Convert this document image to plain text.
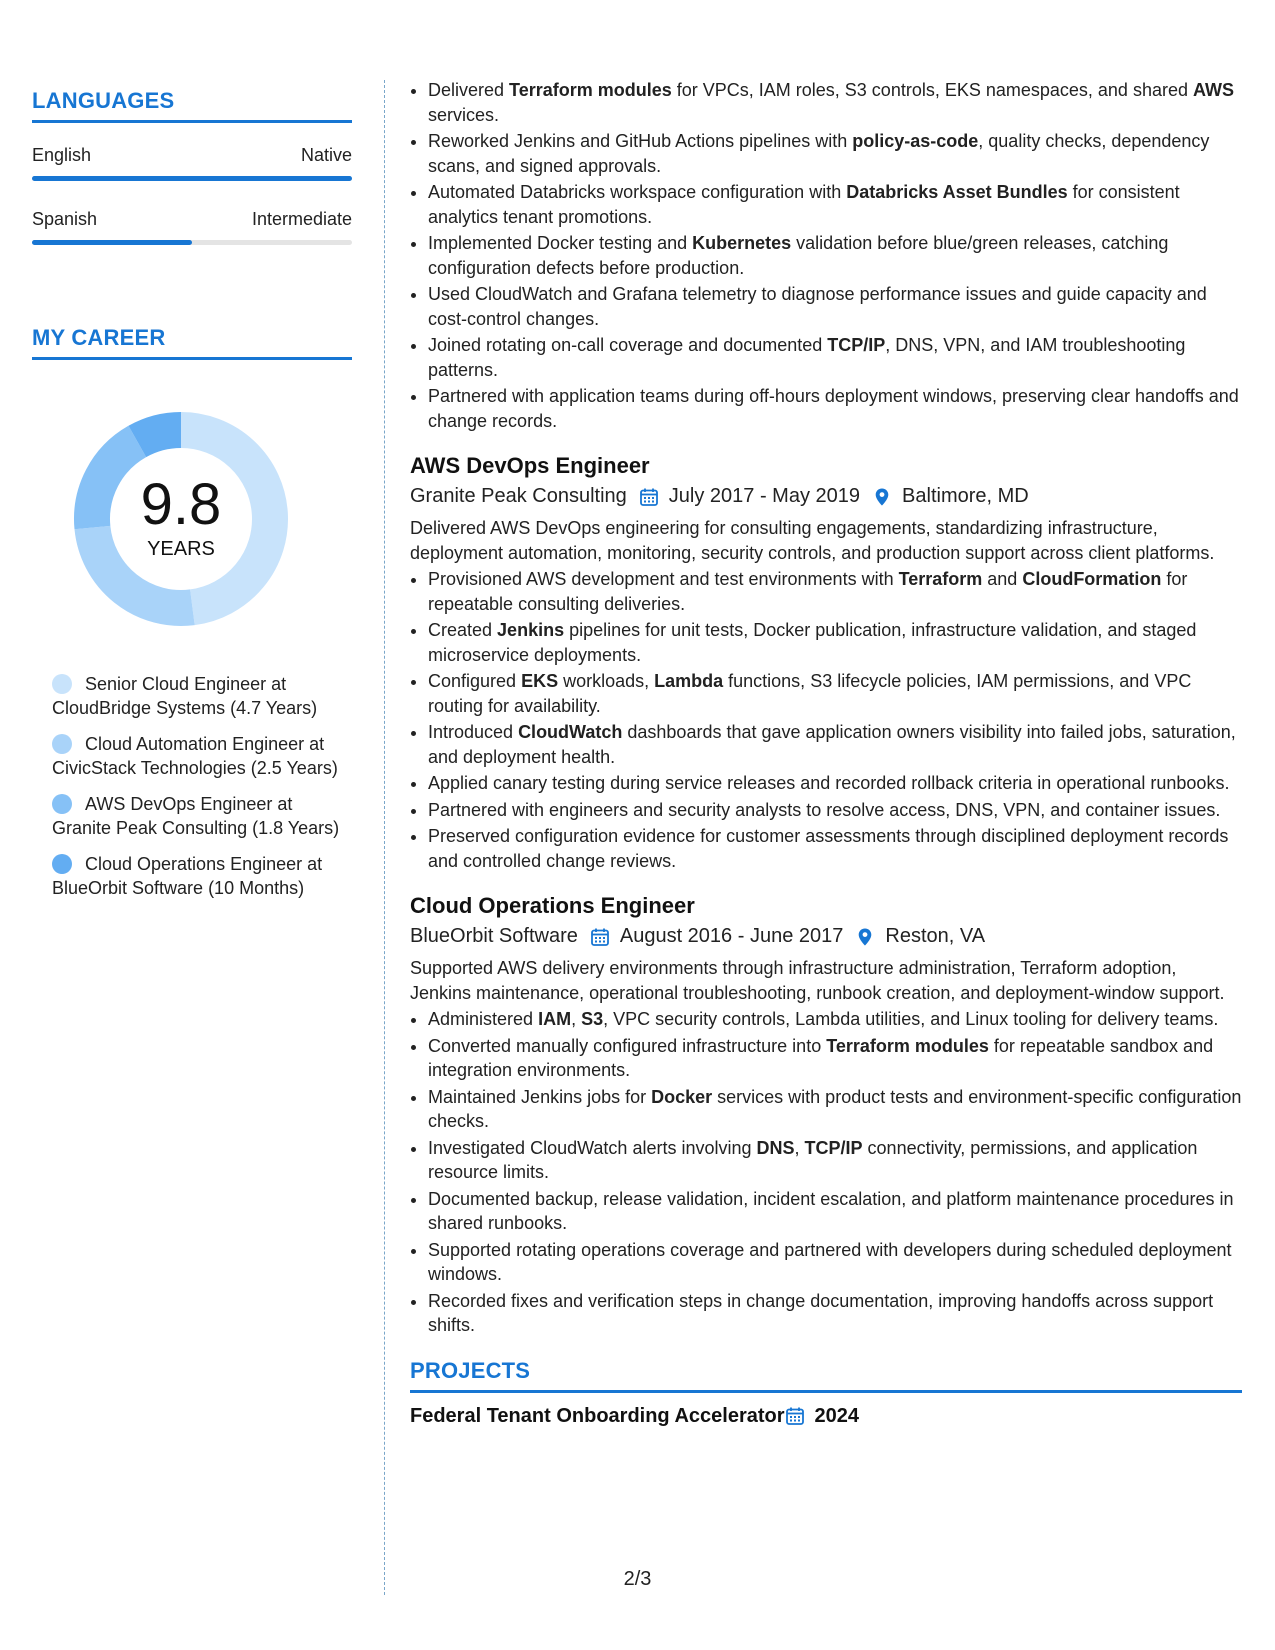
LANGUAGES
English	Native
Spanish	Intermediate
MY CAREER
9.8
YEARS
Senior Cloud Engineer at CloudBridge Systems (4.7 Years)
Cloud Automation Engineer at CivicStack Technologies (2.5 Years)
AWS DevOps Engineer at Granite Peak Consulting (1.8 Years)
Cloud Operations Engineer at BlueOrbit Software (10 Months)
• Delivered Terraform modules for VPCs, IAM roles, S3 controls, EKS namespaces, and shared AWS services.
• Reworked Jenkins and GitHub Actions pipelines with policy-as-code, quality checks, dependency scans, and signed approvals.
• Automated Databricks workspace configuration with Databricks Asset Bundles for consistent analytics tenant promotions.
• Implemented Docker testing and Kubernetes validation before blue/green releases, catching configuration defects before production.
• Used CloudWatch and Grafana telemetry to diagnose performance issues and guide capacity and cost-control changes.
• Joined rotating on-call coverage and documented TCP/IP, DNS, VPN, and IAM troubleshooting patterns.
• Partnered with application teams during off-hours deployment windows, preserving clear handoffs and change records.
AWS DevOps Engineer
Granite Peak Consulting July 2017 - May 2019 Baltimore, MD

Delivered AWS DevOps engineering for consulting engagements, standardizing infrastructure, deployment automation, monitoring, security controls, and production support across client platforms.

• Provisioned AWS development and test environments with Terraform and CloudFormation for repeatable consulting deliveries.
• Created Jenkins pipelines for unit tests, Docker publication, infrastructure validation, and staged microservice deployments.
• Configured EKS workloads, Lambda functions, S3 lifecycle policies, IAM permissions, and VPC routing for availability.
• Introduced CloudWatch dashboards that gave application owners visibility into failed jobs, saturation, and deployment health.
• Applied canary testing during service releases and recorded rollback criteria in operational runbooks.
• Partnered with engineers and security analysts to resolve access, DNS, VPN, and container issues.
• Preserved configuration evidence for customer assessments through disciplined deployment records and controlled change reviews.
Cloud Operations Engineer
BlueOrbit Software August 2016 - June 2017 Reston, VA

Supported AWS delivery environments through infrastructure administration, Terraform adoption, Jenkins maintenance, operational troubleshooting, runbook creation, and deployment-window support.

• Administered IAM, S3, VPC security controls, Lambda utilities, and Linux tooling for delivery teams.
• Converted manually configured infrastructure into Terraform modules for repeatable sandbox and integration environments.
• Maintained Jenkins jobs for Docker services with product tests and environment-specific configuration checks.
• Investigated CloudWatch alerts involving DNS, TCP/IP connectivity, permissions, and application resource limits.
• Documented backup, release validation, incident escalation, and platform maintenance procedures in shared runbooks.
• Supported rotating operations coverage and partnered with developers during scheduled deployment windows.
• Recorded fixes and verification steps in change documentation, improving handoffs across support shifts.
PROJECTS
Federal Tenant Onboarding Accelerator 2024
2/3
